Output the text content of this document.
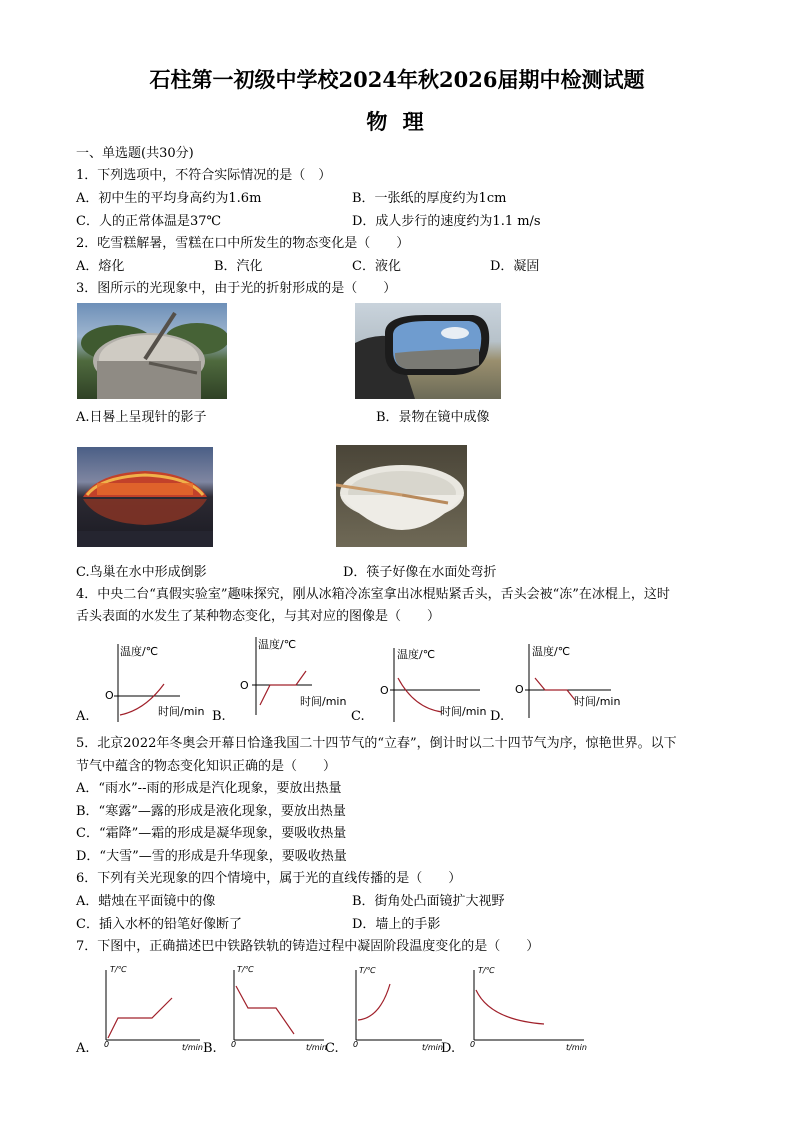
石柱第一初级中学校2024年秋2026届期中检测试题
物 理
一、单选题(共30分)
1．下列选项中，不符合实际情况的是（　）
A．初中生的平均身高约为1.6m	B．一张纸的厚度约为1cm
C．人的正常体温是37℃	D．成人步行的速度约为1.1 m/s
2．吃雪糕解暑，雪糕在口中所发生的物态变化是（　　）
A．熔化	B．汽化	C．液化	D．凝固
3．图所示的光现象中，由于光的折射形成的是（　　）
A.日晷上呈现针的影子	B．景物在镜中成像
C.鸟巢在水中形成倒影	D．筷子好像在水面处弯折
4．中央二台“真假实验室”趣味探究，刚从冰箱冷冻室拿出冰棍贴紧舌头，舌头会被“冻”在冰棍上，这时
舌头表面的水发生了某种物态变化，与其对应的图像是（　　）
温度/℃
O
时间/min
A.
温度/℃
O
时间/min
B.
温度/℃
O
时间/min
C.
温度/℃
O
时间/min
D.
5．北京2022年冬奥会开幕日恰逢我国二十四节气的“立春”，倒计时以二十四节气为序，惊艳世界。以下
节气中蕴含的物态变化知识正确的是（　　）
A．“雨水”--雨的形成是汽化现象，要放出热量
B．“寒露”—露的形成是液化现象，要放出热量
C．“霜降”—霜的形成是凝华现象，要吸收热量
D．“大雪”—雪的形成是升华现象，要吸收热量
6．下列有关光现象的四个情境中，属于光的直线传播的是（　　）
A．蜡烛在平面镜中的像	B．街角处凸面镜扩大视野
C．插入水杯的铅笔好像断了	D．墙上的手影
7．下图中，正确描述巴中铁路铁轨的铸造过程中凝固阶段温度变化的是（　　）
T/℃
0	t/min
A.
T/℃
0	t/min
B.
T/℃
0	t/min
C.
T/℃
0	t/min
D.
